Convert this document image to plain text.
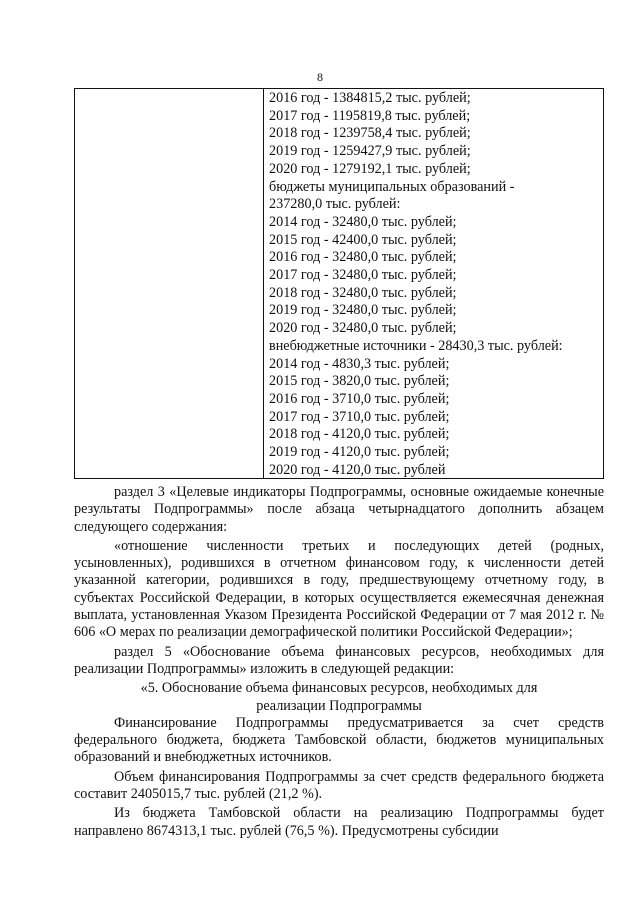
8
2016 год - 1384815,2 тыс. рублей;
2017 год - 1195819,8 тыс. рублей;
2018 год - 1239758,4 тыс. рублей;
2019 год - 1259427,9 тыс. рублей;
2020 год - 1279192,1 тыс. рублей;
бюджеты муниципальных образований -
237280,0 тыс. рублей:
2014 год - 32480,0 тыс. рублей;
2015 год - 42400,0 тыс. рублей;
2016 год - 32480,0 тыс. рублей;
2017 год - 32480,0 тыс. рублей;
2018 год - 32480,0 тыс. рублей;
2019 год - 32480,0 тыс. рублей;
2020 год - 32480,0 тыс. рублей;
внебюджетные источники - 28430,3 тыс. рублей:
2014 год - 4830,3 тыс. рублей;
2015 год - 3820,0 тыс. рублей;
2016 год - 3710,0 тыс. рублей;
2017 год - 3710,0 тыс. рублей;
2018 год - 4120,0 тыс. рублей;
2019 год - 4120,0 тыс. рублей;
2020 год - 4120,0 тыс. рублей

раздел 3 «Целевые индикаторы Подпрограммы, основные ожидаемые конечные результаты Подпрограммы» после абзаца четырнадцатого дополнить абзацем следующего содержания:

«отношение численности третьих и последующих детей (родных, усыновленных), родившихся в отчетном финансовом году, к численности детей указанной категории, родившихся в году, предшествующему отчетному году, в субъектах Российской Федерации, в которых осуществляется ежемесячная денежная выплата, установленная Указом Президента Российской Федерации от 7 мая 2012 г. № 606 «О мерах по реализации демографической политики Российской Федерации»;

раздел 5 «Обоснование объема финансовых ресурсов, необходимых для реализации Подпрограммы» изложить в следующей редакции:

«5. Обоснование объема финансовых ресурсов, необходимых для

реализации Подпрограммы

Финансирование Подпрограммы предусматривается за счет средств федерального бюджета, бюджета Тамбовской области, бюджетов муниципальных образований и внебюджетных источников.

Объем финансирования Подпрограммы за счет средств федерального бюджета составит 2405015,7 тыс. рублей (21,2 %).

Из бюджета Тамбовской области на реализацию Подпрограммы будет направлено 8674313,1 тыс. рублей (76,5 %). Предусмотрены субсидии
